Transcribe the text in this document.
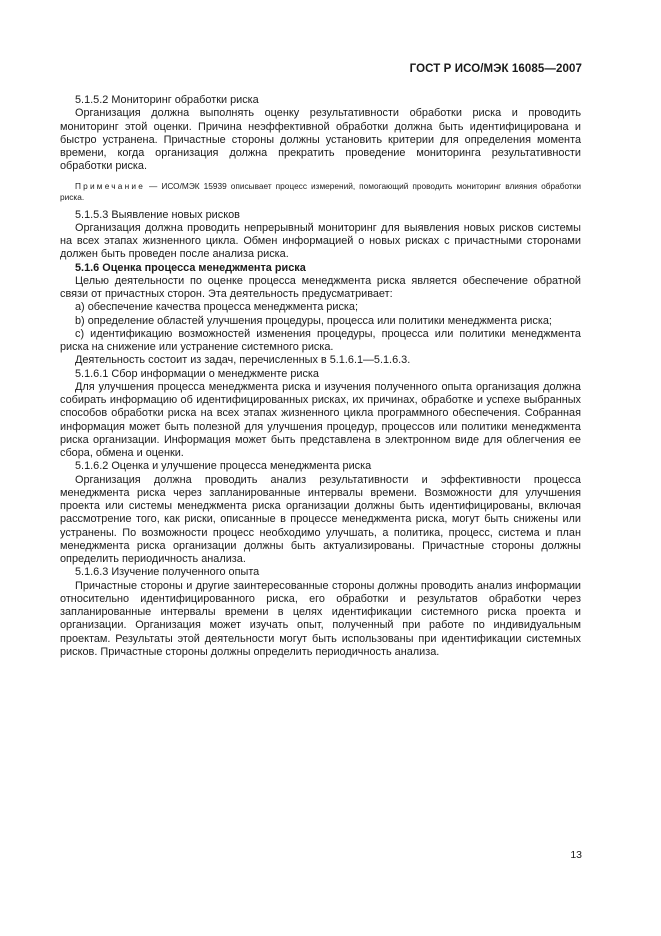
ГОСТ Р ИСО/МЭК 16085—2007

5.1.5.2 Мониторинг обработки риска

Организация должна выполнять оценку результативности обработки риска и проводить мониторинг этой оценки. Причина неэффективной обработки должна быть идентифицирована и быстро устранена. Причастные стороны должны установить критерии для определения момента времени, когда организация должна прекратить проведение мониторинга результативности обработки риска.

Примечание — ИСО/МЭК 15939 описывает процесс измерений, помогающий проводить мониторинг влияния обработки риска.

5.1.5.3 Выявление новых рисков

Организация должна проводить непрерывный мониторинг для выявления новых рисков системы на всех этапах жизненного цикла. Обмен информацией о новых рисках с причастными сторонами должен быть проведен после анализа риска.

5.1.6 Оценка процесса менеджмента риска

Целью деятельности по оценке процесса менеджмента риска является обеспечение обратной связи от причастных сторон. Эта деятельность предусматривает:

a) обеспечение качества процесса менеджмента риска;

b) определение областей улучшения процедуры, процесса или политики менеджмента риска;

c) идентификацию возможностей изменения процедуры, процесса или политики менеджмента риска на снижение или устранение системного риска.

Деятельность состоит из задач, перечисленных в 5.1.6.1—5.1.6.3.

5.1.6.1 Сбор информации о менеджменте риска

Для улучшения процесса менеджмента риска и изучения полученного опыта организация должна собирать информацию об идентифицированных рисках, их причинах, обработке и успехе выбранных способов обработки риска на всех этапах жизненного цикла программного обеспечения. Собранная информация может быть полезной для улучшения процедур, процессов или политики менеджмента риска организации. Информация может быть представлена в электронном виде для облегчения ее сбора, обмена и оценки.

5.1.6.2 Оценка и улучшение процесса менеджмента риска

Организация должна проводить анализ результативности и эффективности процесса менеджмента риска через запланированные интервалы времени. Возможности для улучшения проекта или системы менеджмента риска организации должны быть идентифицированы, включая рассмотрение того, как риски, описанные в процессе менеджмента риска, могут быть снижены или устранены. По возможности процесс необходимо улучшать, а политика, процесс, система и план менеджмента риска организации должны быть актуализированы. Причастные стороны должны определить периодичность анализа.

5.1.6.3 Изучение полученного опыта

Причастные стороны и другие заинтересованные стороны должны проводить анализ информации относительно идентифицированного риска, его обработки и результатов обработки через запланированные интервалы времени в целях идентификации системного риска проекта и организации. Организация может изучать опыт, полученный при работе по индивидуальным проектам. Результаты этой деятельности могут быть использованы при идентификации системных рисков. Причастные стороны должны определить периодичность анализа.

13
